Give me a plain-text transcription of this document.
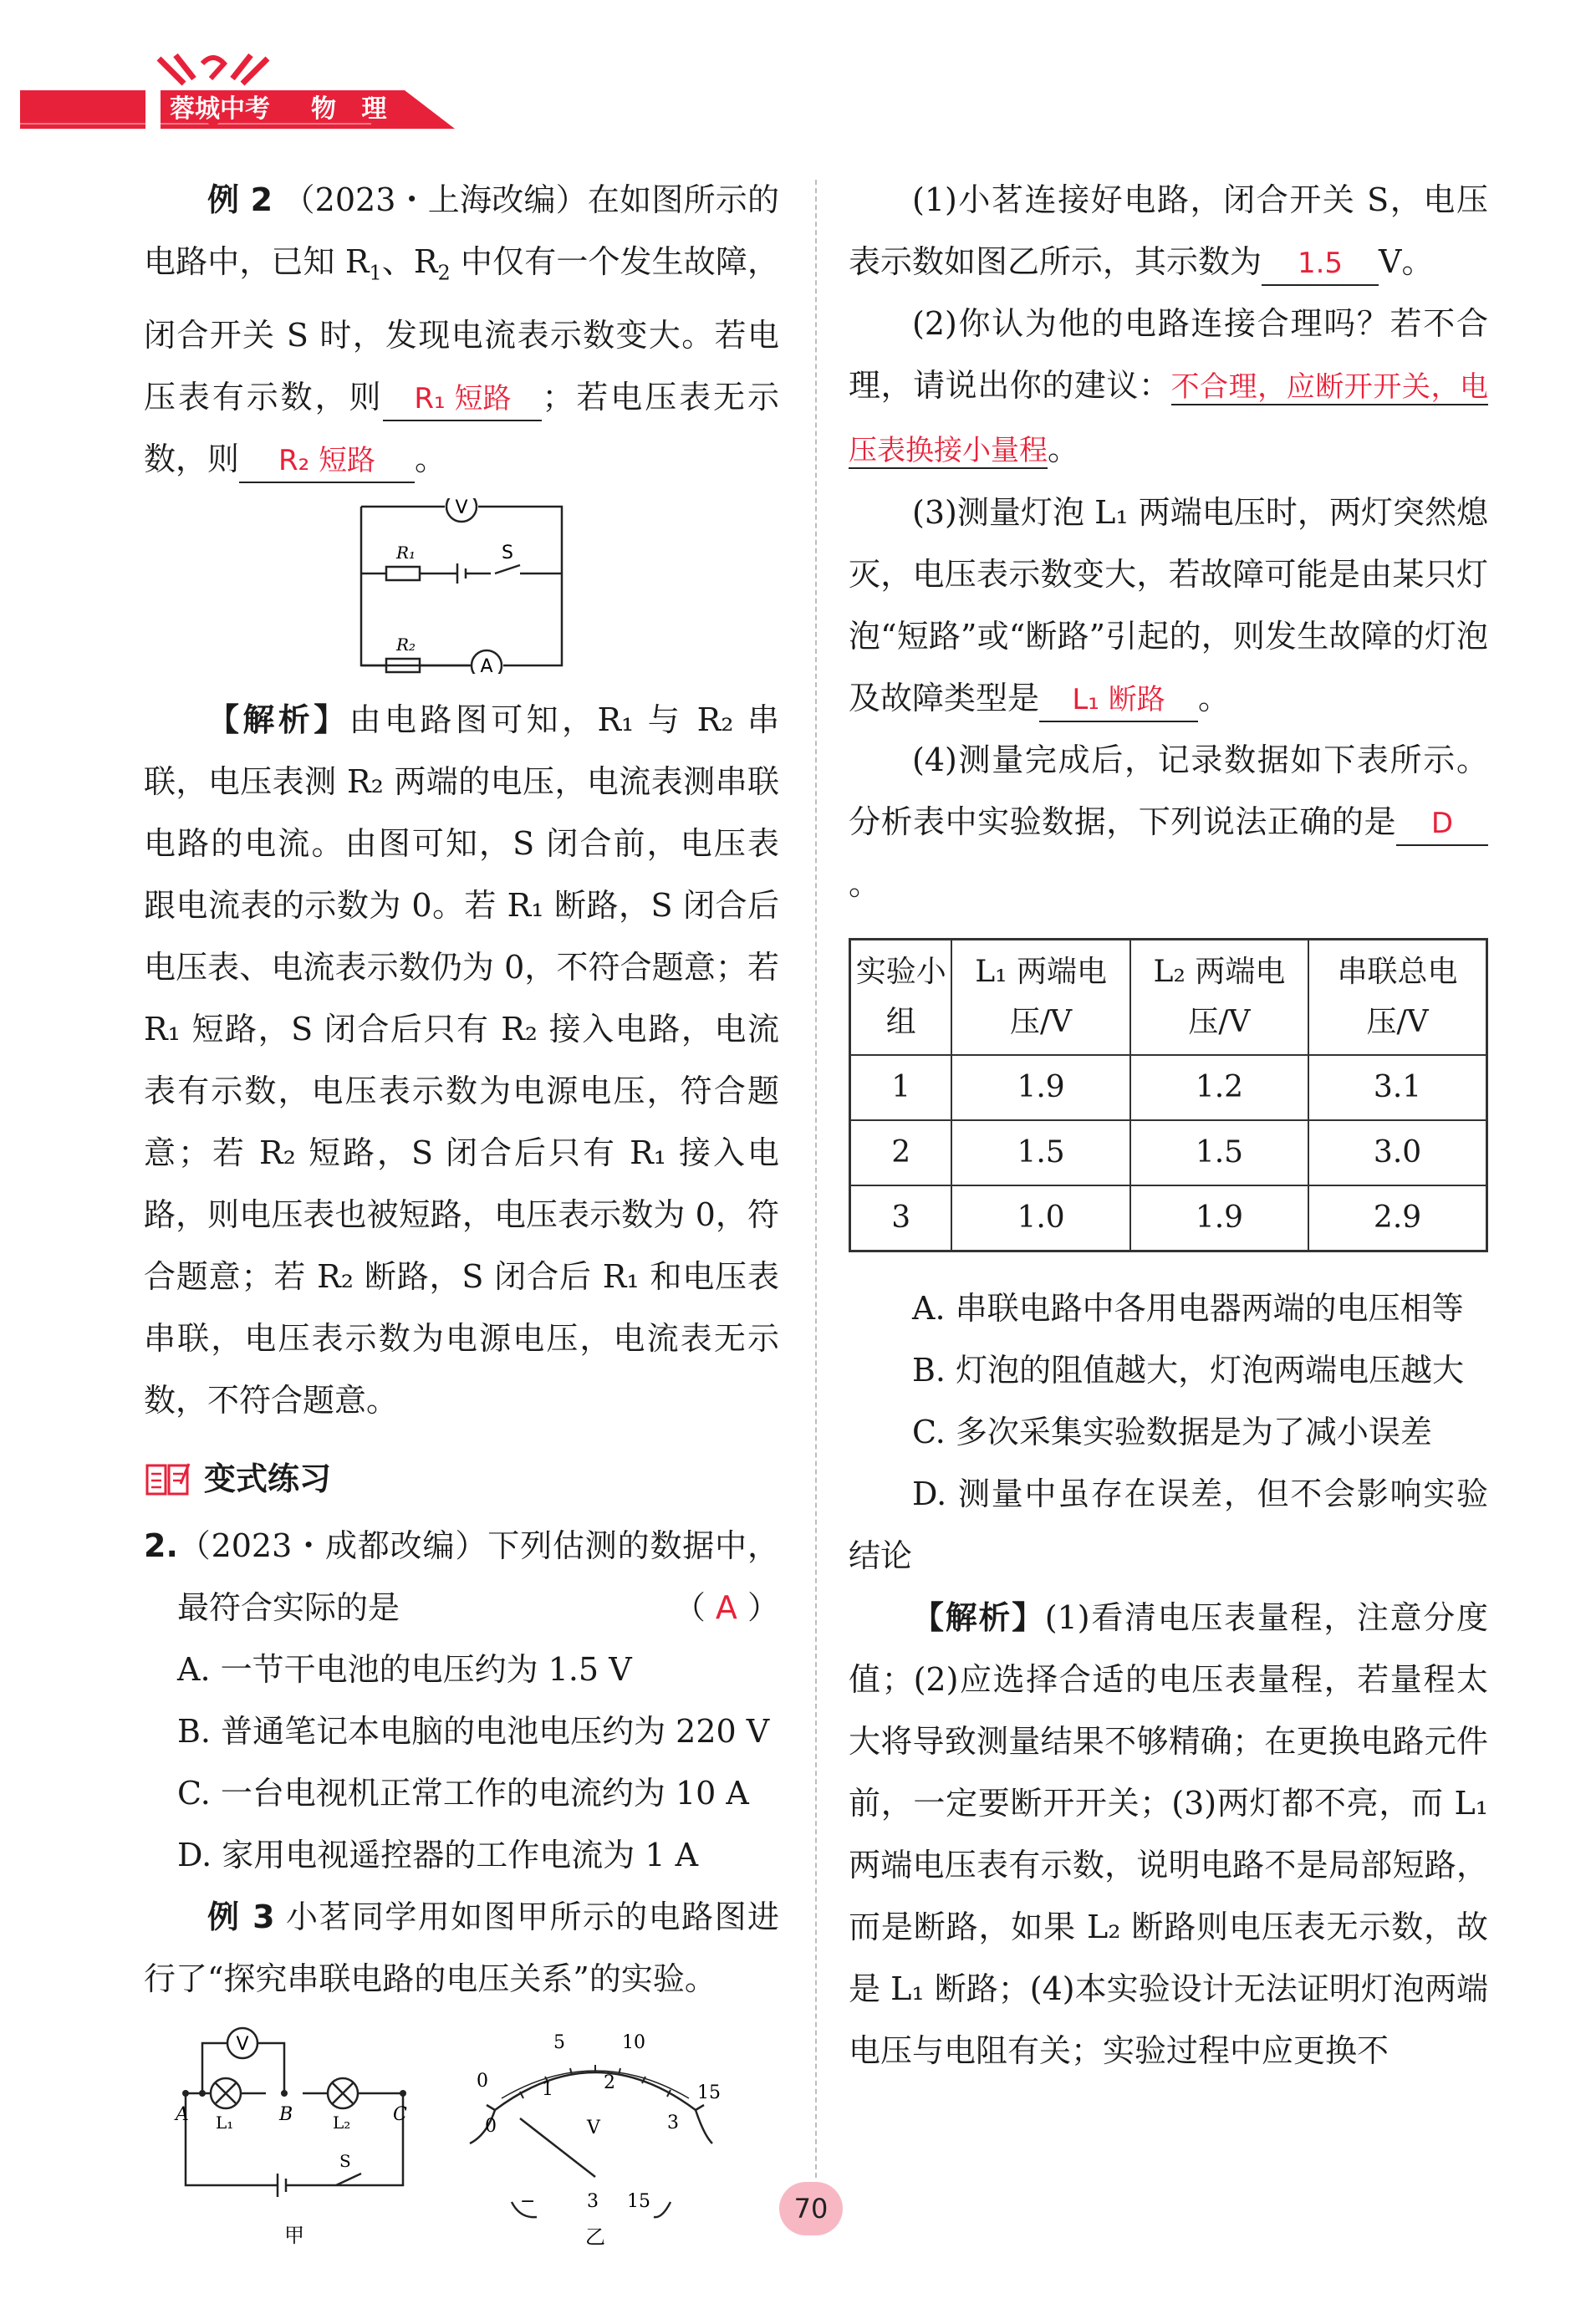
蓉城中考	物 理

例 2 （2023・上海改编）在如图所示的电路中，已知 $R_1$、$R_2$ 中仅有一个发生故障，闭合开关 S 时，发现电流表示数变大。若电压表有示数，则 R₁ 短路 ；若电压表无示数，则 R₂ 短路 。

V
A
R₁
R₂
S

【解析】由电路图可知，R₁ 与 R₂ 串联，电压表测 R₂ 两端的电压，电流表测串联电路的电流。由图可知，S 闭合前，电压表跟电流表的示数为 0。若 R₁ 断路，S 闭合后电压表、电流表示数仍为 0，不符合题意；若 R₁ 短路，S 闭合后只有 R₂ 接入电路，电流表有示数，电压表示数为电源电压，符合题意；若 R₂ 短路，S 闭合后只有 R₁ 接入电路，则电压表也被短路，电压表示数为 0，符合题意；若 R₂ 断路，S 闭合后 R₁ 和电压表串联，电压表示数为电源电压，电流表无示数，不符合题意。

变式练习

2.（2023・成都改编）下列估测的数据中，最符合实际的是	（ A ）

A. 一节干电池的电压约为 1.5 V

B. 普通笔记本电脑的电池电压约为 220 V

C. 一台电视机正常工作的电流约为 10 A

D. 家用电视遥控器的工作电流为 1 A

例 3 小茗同学用如图甲所示的电路图进行了“探究串联电路的电压关系”的实验。

V
A	B	C
L₁	L₂
S
甲
0
5	10
15
0
1	2
3
V
−	3 15
乙

(1)小茗连接好电路，闭合开关 S，电压表示数如图乙所示，其示数为 1.5 V。

(2)你认为他的电路连接合理吗？若不合理，请说出你的建议：不合理，应断开开关，电压表换接小量程。

(3)测量灯泡 L₁ 两端电压时，两灯突然熄灭，电压表示数变大，若故障可能是由某只灯泡“短路”或“断路”引起的，则发生故障的灯泡及故障类型是 L₁ 断路 。

(4)测量完成后，记录数据如下表所示。分析表中实验数据，下列说法正确的是 D。

实验小组	L₁ 两端电压/V	L₂ 两端电压/V	串联总电压/V
1	1.9	1.2	3.1
2	1.5	1.5	3.0
3	1.0	1.9	2.9

A. 串联电路中各用电器两端的电压相等

B. 灯泡的阻值越大，灯泡两端电压越大

C. 多次采集实验数据是为了减小误差

D. 测量中虽存在误差，但不会影响实验结论

【解析】(1)看清电压表量程，注意分度值；(2)应选择合适的电压表量程，若量程太大将导致测量结果不够精确；在更换电路元件前，一定要断开开关；(3)两灯都不亮，而 L₁ 两端电压表有示数，说明电路不是局部短路，而是断路，如果 L₂ 断路则电压表无示数，故是 L₁ 断路；(4)本实验设计无法证明灯泡两端电压与电阻有关；实验过程中应更换不

70
